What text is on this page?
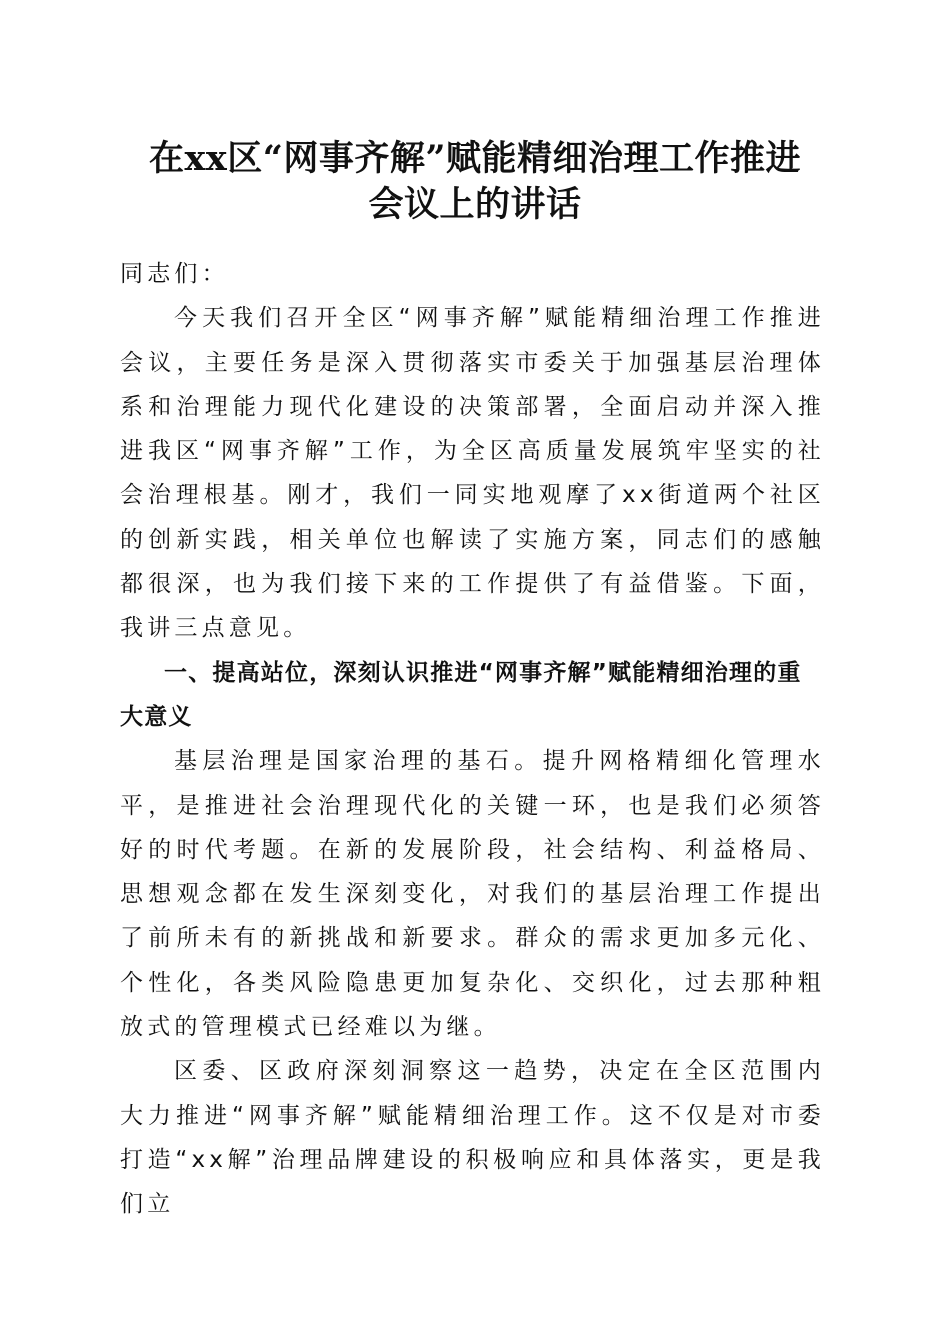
在xx区“网事齐解”赋能精细治理工作推进
会议上的讲话

同志们：

今天我们召开全区“网事齐解”赋能精细治理工作推进会议，主要任务是深入贯彻落实市委关于加强基层治理体系和治理能力现代化建设的决策部署，全面启动并深入推进我区“网事齐解”工作，为全区高质量发展筑牢坚实的社会治理根基。刚才，我们一同实地观摩了xx街道两个社区的创新实践，相关单位也解读了实施方案，同志们的感触都很深，也为我们接下来的工作提供了有益借鉴。下面，我讲三点意见。

一、提高站位，深刻认识推进“网事齐解”赋能精细治理的重大意义

基层治理是国家治理的基石。提升网格精细化管理水平，是推进社会治理现代化的关键一环，也是我们必须答好的时代考题。在新的发展阶段，社会结构、利益格局、思想观念都在发生深刻变化，对我们的基层治理工作提出了前所未有的新挑战和新要求。群众的需求更加多元化、个性化，各类风险隐患更加复杂化、交织化，过去那种粗放式的管理模式已经难以为继。

区委、区政府深刻洞察这一趋势，决定在全区范围内大力推进“网事齐解”赋能精细治理工作。这不仅是对市委打造“xx解”治理品牌建设的积极响应和具体落实，更是我们立
